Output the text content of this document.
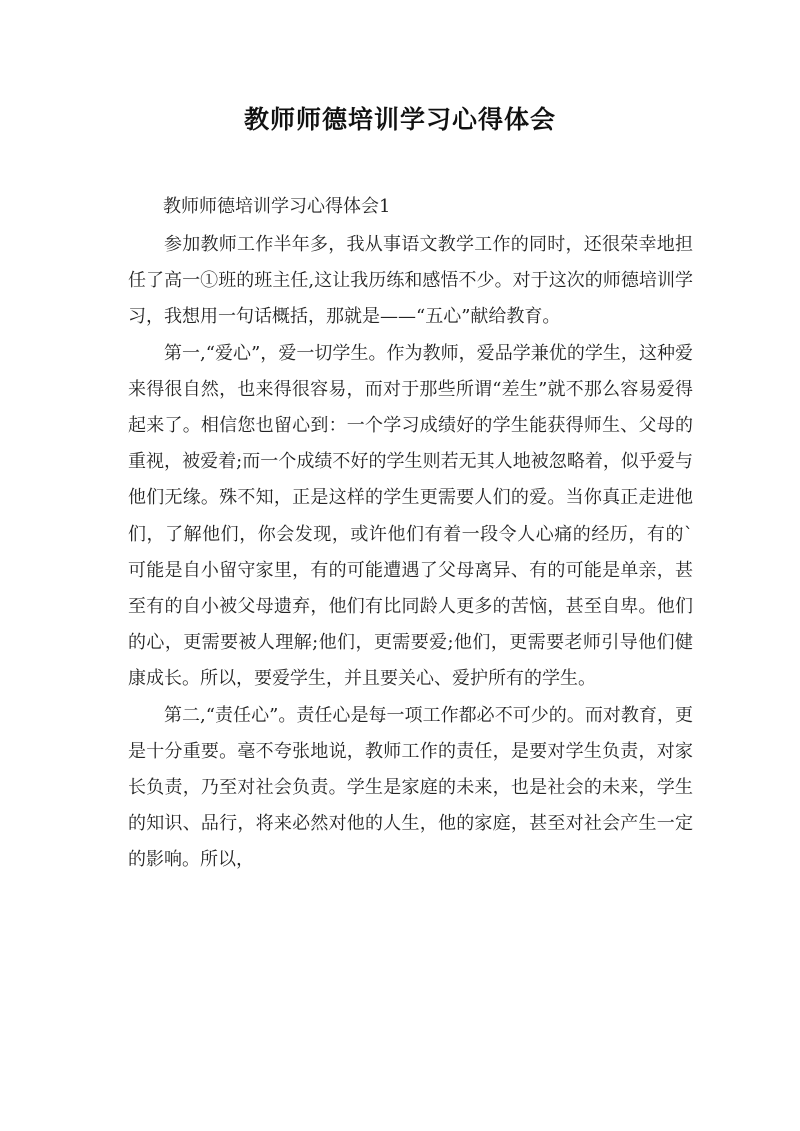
教师师德培训学习心得体会

教师师德培训学习心得体会1

参加教师工作半年多，我从事语文教学工作的同时，还很荣幸地担任了高一①班的班主任,这让我历练和感悟不少。对于这次的师德培训学习，我想用一句话概括，那就是——“五心”献给教育。

第一,“爱心”，爱一切学生。作为教师，爱品学兼优的学生，这种爱来得很自然，也来得很容易，而对于那些所谓“差生”就不那么容易爱得起来了。相信您也留心到：一个学习成绩好的学生能获得师生、父母的重视，被爱着;而一个成绩不好的学生则若无其人地被忽略着，似乎爱与他们无缘。殊不知，正是这样的学生更需要人们的爱。当你真正走进他们，了解他们，你会发现，或许他们有着一段令人心痛的经历，有的`可能是自小留守家里，有的可能遭遇了父母离异、有的可能是单亲，甚至有的自小被父母遗弃，他们有比同龄人更多的苦恼，甚至自卑。他们的心，更需要被人理解;他们，更需要爱;他们，更需要老师引导他们健康成长。所以，要爱学生，并且要关心、爱护所有的学生。

第二,“责任心”。责任心是每一项工作都必不可少的。而对教育，更是十分重要。毫不夸张地说，教师工作的责任，是要对学生负责，对家长负责，乃至对社会负责。学生是家庭的未来，也是社会的未来，学生的知识、品行，将来必然对他的人生，他的家庭，甚至对社会产生一定的影响。所以，
